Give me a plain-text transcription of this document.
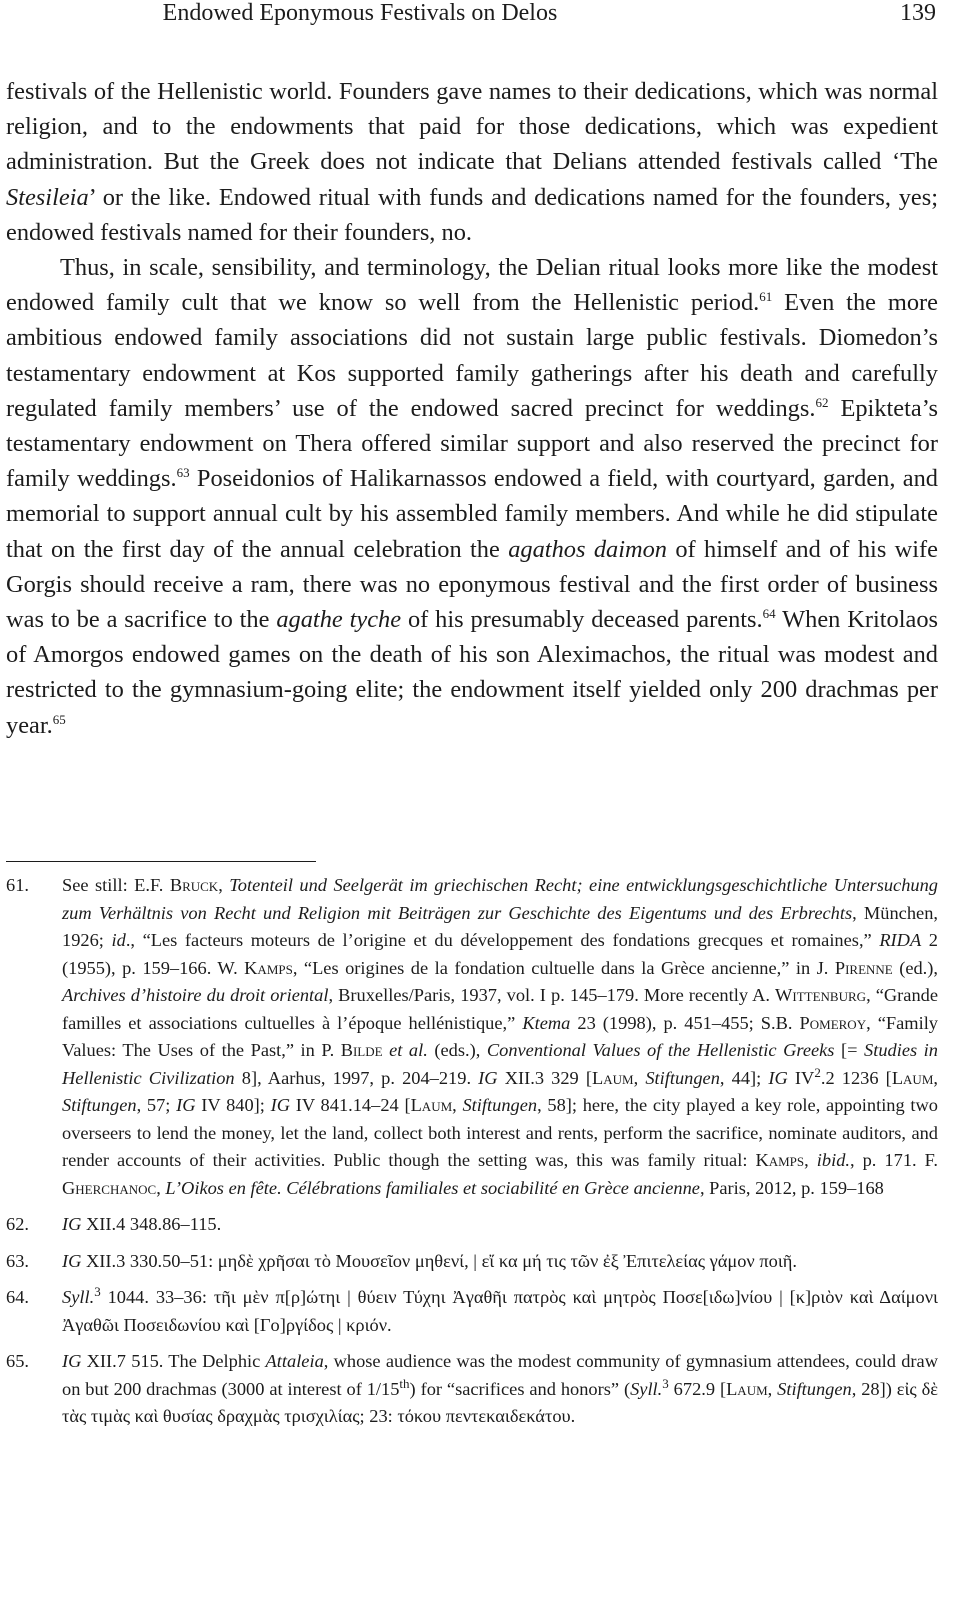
Endowed Eponymous Festivals on Delos	139

festivals of the Hellenistic world. Founders gave names to their dedications, which was normal religion, and to the endowments that paid for those dedications, which was expedient administration. But the Greek does not indicate that Delians attended festivals called ‘The Stesileia’ or the like. Endowed ritual with funds and dedications named for the founders, yes; endowed festivals named for their founders, no.

Thus, in scale, sensibility, and terminology, the Delian ritual looks more like the modest endowed family cult that we know so well from the Hellenistic period.$^{61}$ Even the more ambitious endowed family associations did not sustain large public festivals. Diomedon’s testamentary endowment at Kos supported family gatherings after his death and carefully regulated family members’ use of the endowed sacred precinct for weddings.$^{62}$ Epikteta’s testamentary endowment on Thera offered similar support and also reserved the precinct for family weddings.$^{63}$ Poseidonios of Halikarnassos endowed a field, with courtyard, garden, and memorial to support annual cult by his assembled family members. And while he did stipulate that on the first day of the annual celebration the agathos daimon of himself and of his wife Gorgis should receive a ram, there was no eponymous festival and the first order of business was to be a sacrifice to the agathe tyche of his presumably deceased parents.$^{64}$ When Kritolaos of Amorgos endowed games on the death of his son Aleximachos, the ritual was modest and restricted to the gymnasium-going elite; the endowment itself yielded only 200 drachmas per year.$^{65}$

61. See still: E.F. Bruck, Totenteil und Seelgerät im griechischen Recht; eine entwicklungsgeschichtliche Untersuchung zum Verhältnis von Recht und Religion mit Beiträgen zur Geschichte des Eigentums und des Erbrechts, München, 1926; id., “Les facteurs moteurs de l’origine et du développement des fondations grecques et romaines,” RIDA 2 (1955), p. 159–166. W. Kamps, “Les origines de la fondation cultuelle dans la Grèce ancienne,” in J. Pirenne (ed.), Archives d’histoire du droit oriental, Bruxelles/Paris, 1937, vol. I p. 145–179. More recently A. Wittenburg, “Grande familles et associations cultuelles à l’époque hellénistique,” Ktema 23 (1998), p. 451–455; S.B. Pomeroy, “Family Values: The Uses of the Past,” in P. Bilde et al. (eds.), Conventional Values of the Hellenistic Greeks [= Studies in Hellenistic Civilization 8], Aarhus, 1997, p. 204–219. IG XII.3 329 [Laum, Stiftungen, 44]; IG $IV^2.2$ 1236 [Laum, Stiftungen, 57; IG IV 840]; IG IV 841.14–24 [Laum, Stiftungen, 58]; here, the city played a key role, appointing two overseers to lend the money, let the land, collect both interest and rents, perform the sacrifice, nominate auditors, and render accounts of their activities. Public though the setting was, this was family ritual: Kamps, ibid., p. 171. F. Gherchanoc, L’Oikos en fête. Célébrations familiales et sociabilité en Grèce ancienne, Paris, 2012, p. 159–168

62. IG XII.4 348.86–115.

63. IG XII.3 330.50–51: μηδὲ χρῆσαι τὸ Μουσεῖον μηθενί, | εἴ κα μή τις τῶν ἐξ Ἐπιτελείας γάμον ποιῆ.

64. Syll.$^3$ 1044. 33–36: τῆι μὲν π[ρ]ώτηι | θύειν Τύχηι Ἀγαθῆι πατρὸς καὶ μητρὸς Ποσε[ιδω]νίου | [κ]ριὸν καὶ Δαίμονι Ἀγαθῶι Ποσειδωνίου καὶ [Γο]ργίδος | κριόν.

65. IG XII.7 515. The Delphic Attaleia, whose audience was the modest community of gymnasium attendees, could draw on but 200 drachmas (3000 at interest of 1/15th) for “sacrifices and honors” (Syll.$^3$ 672.9 [Laum, Stiftungen, 28]) εἰς δὲ τὰς τιμὰς καὶ θυσίας δραχμὰς τρισχιλίας; 23: τόκου πεντεκαιδεκάτου.
